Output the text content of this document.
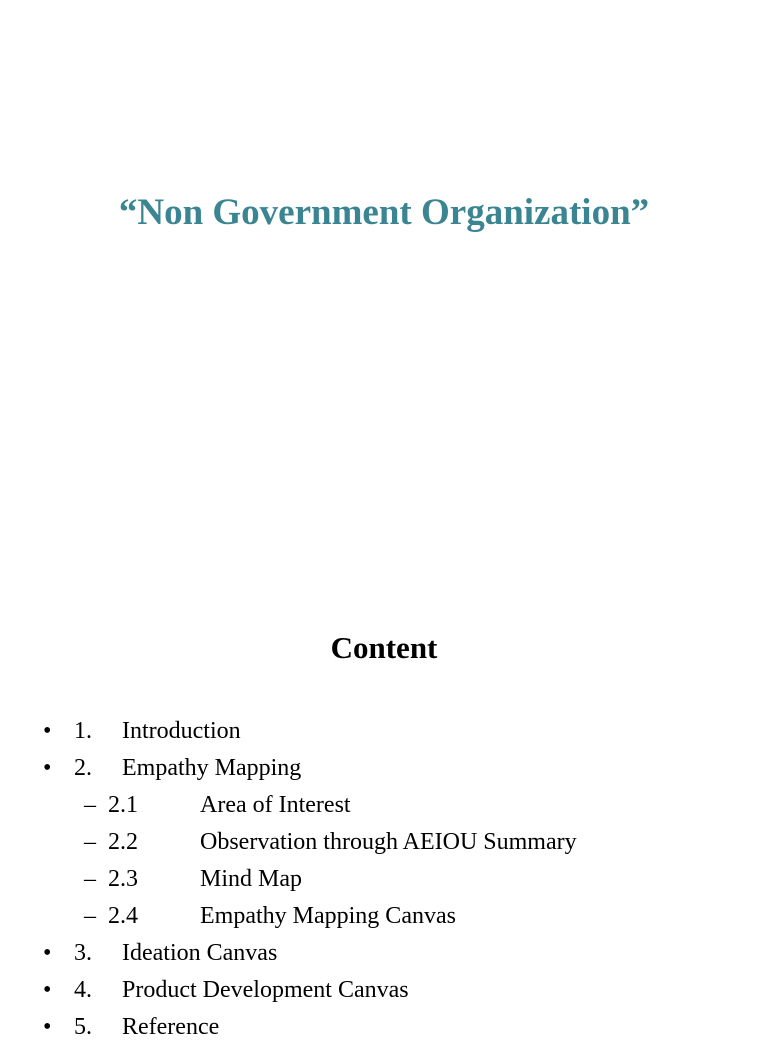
“Non Government Organization”
Content
• 1. Introduction
• 2. Empathy Mapping
– 2.1	Area of Interest
– 2.2	Observation through AEIOU Summary
– 2.3	Mind Map
– 2.4	Empathy Mapping Canvas
• 3. Ideation Canvas
• 4. Product Development Canvas
• 5. Reference
